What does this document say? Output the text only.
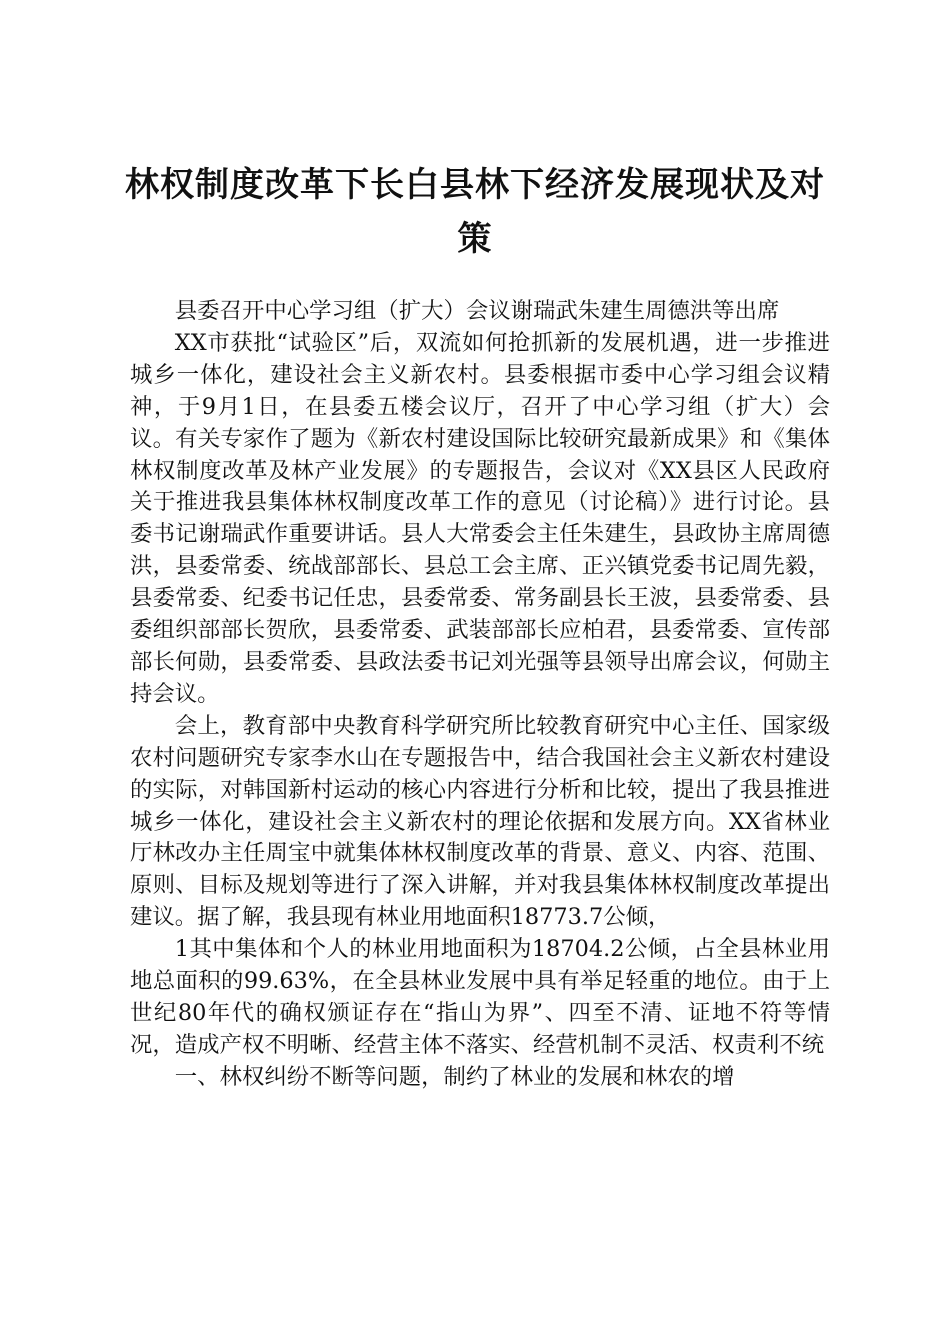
林权制度改革下长白县林下经济发展现状及对策

县委召开中心学习组（扩大）会议谢瑞武朱建生周德洪等出席

XX市获批“试验区”后，双流如何抢抓新的发展机遇，进一步推进城乡一体化，建设社会主义新农村。县委根据市委中心学习组会议精神，于9月1日，在县委五楼会议厅，召开了中心学习组（扩大）会议。有关专家作了题为《新农村建设国际比较研究最新成果》和《集体林权制度改革及林产业发展》的专题报告，会议对《XX县区人民政府关于推进我县集体林权制度改革工作的意见（讨论稿）》进行讨论。县委书记谢瑞武作重要讲话。县人大常委会主任朱建生，县政协主席周德洪，县委常委、统战部部长、县总工会主席、正兴镇党委书记周先毅，县委常委、纪委书记任忠，县委常委、常务副县长王波，县委常委、县委组织部部长贺欣，县委常委、武装部部长应柏君，县委常委、宣传部部长何勋，县委常委、县政法委书记刘光强等县领导出席会议，何勋主持会议。

会上，教育部中央教育科学研究所比较教育研究中心主任、国家级农村问题研究专家李水山在专题报告中，结合我国社会主义新农村建设的实际，对韩国新村运动的核心内容进行分析和比较，提出了我县推进城乡一体化，建设社会主义新农村的理论依据和发展方向。XX省林业厅林改办主任周宝中就集体林权制度改革的背景、意义、内容、范围、原则、目标及规划等进行了深入讲解，并对我县集体林权制度改革提出建议。据了解，我县现有林业用地面积18773.7公倾，

1其中集体和个人的林业用地面积为18704.2公倾，占全县林业用地总面积的99.63%，在全县林业发展中具有举足轻重的地位。由于上世纪80年代的确权颁证存在“指山为界”、四至不清、证地不符等情况，造成产权不明晰、经营主体不落实、经营机制不灵活、权责利不统

一、林权纠纷不断等问题，制约了林业的发展和林农的增
